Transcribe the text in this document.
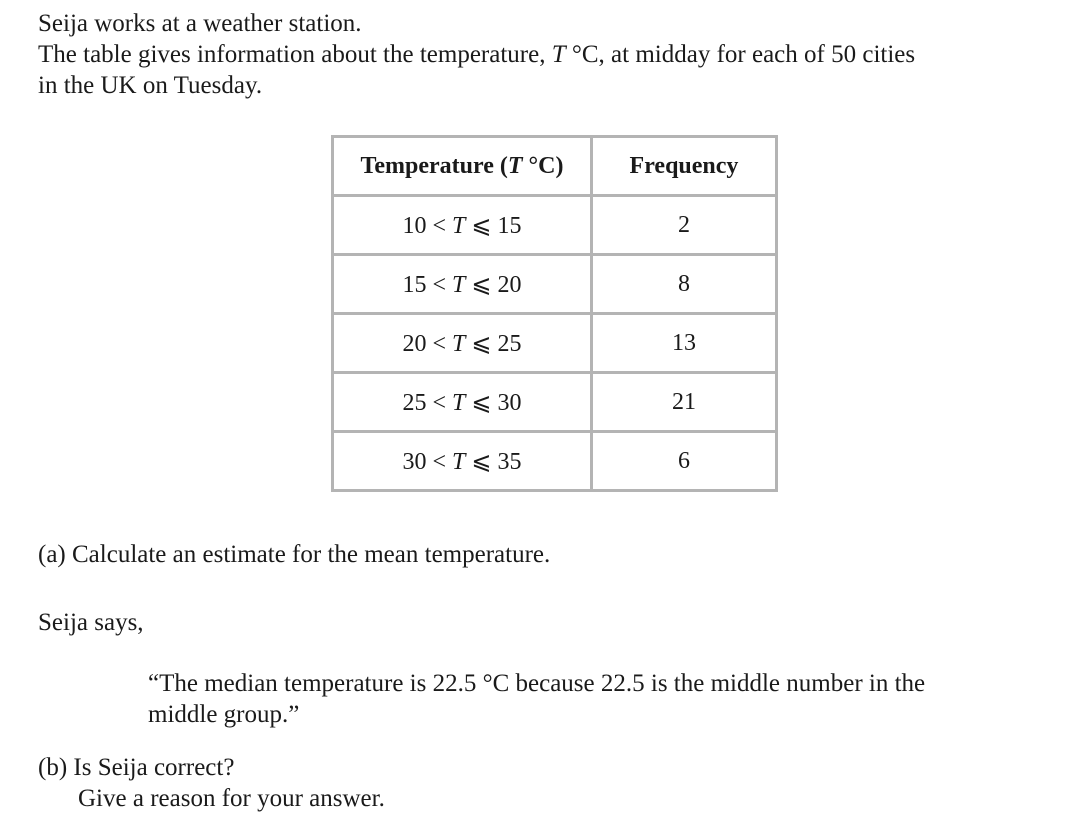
Seija works at a weather station.

The table gives information about the temperature, T °C, at midday for each of 50 cities

in the UK on Tuesday.

Temperature (T °C)	Frequency
10 < T ⩽ 15	2
15 < T ⩽ 20	8
20 < T ⩽ 25	13
25 < T ⩽ 30	21
30 < T ⩽ 35	6

(a) Calculate an estimate for the mean temperature.

Seija says,

“The median temperature is 22.5 °C because 22.5 is the middle number in the

middle group.”

(b) Is Seija correct?

Give a reason for your answer.
